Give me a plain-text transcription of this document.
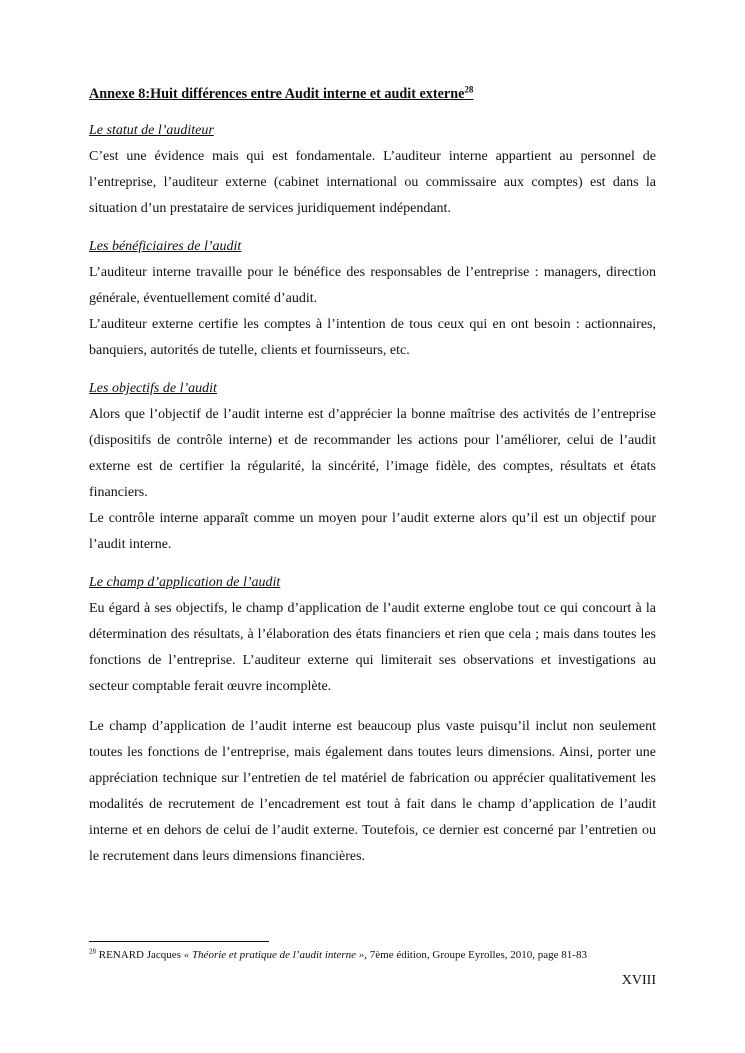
Annexe 8:Huit différences entre Audit interne et audit externe$^{28}$

Le statut de l’auditeur

C’est une évidence mais qui est fondamentale. L’auditeur interne appartient au personnel de l’entreprise, l’auditeur externe (cabinet international ou commissaire aux comptes) est dans la situation d’un prestataire de services juridiquement indépendant.

Les bénéficiaires de l’audit

L’auditeur interne travaille pour le bénéfice des responsables de l’entreprise : managers, direction générale, éventuellement comité d’audit.

L’auditeur externe certifie les comptes à l’intention de tous ceux qui en ont besoin : actionnaires, banquiers, autorités de tutelle, clients et fournisseurs, etc.

Les objectifs de l’audit

Alors que l’objectif de l’audit interne est d’apprécier la bonne maîtrise des activités de l’entreprise (dispositifs de contrôle interne) et de recommander les actions pour l’améliorer, celui de l’audit externe est de certifier la régularité, la sincérité, l’image fidèle, des comptes, résultats et états financiers.

Le contrôle interne apparaît comme un moyen pour l’audit externe alors qu’il est un objectif pour l’audit interne.

Le champ d’application de l’audit

Eu égard à ses objectifs, le champ d’application de l’audit externe englobe tout ce qui concourt à la détermination des résultats, à l’élaboration des états financiers et rien que cela ; mais dans toutes les fonctions de l’entreprise. L’auditeur externe qui limiterait ses observations et investigations au secteur comptable ferait œuvre incomplète.

Le champ d’application de l’audit interne est beaucoup plus vaste puisqu’il inclut non seulement toutes les fonctions de l’entreprise, mais également dans toutes leurs dimensions. Ainsi, porter une appréciation technique sur l’entretien de tel matériel de fabrication ou apprécier qualitativement les modalités de recrutement de l’encadrement est tout à fait dans le champ d’application de l’audit interne et en dehors de celui de l’audit externe. Toutefois, ce dernier est concerné par l’entretien ou le recrutement dans leurs dimensions financières.

$^{28}$ RENARD Jacques « Théorie et pratique de l’audit interne », 7ème édition, Groupe Eyrolles, 2010, page 81-83
XVIII
